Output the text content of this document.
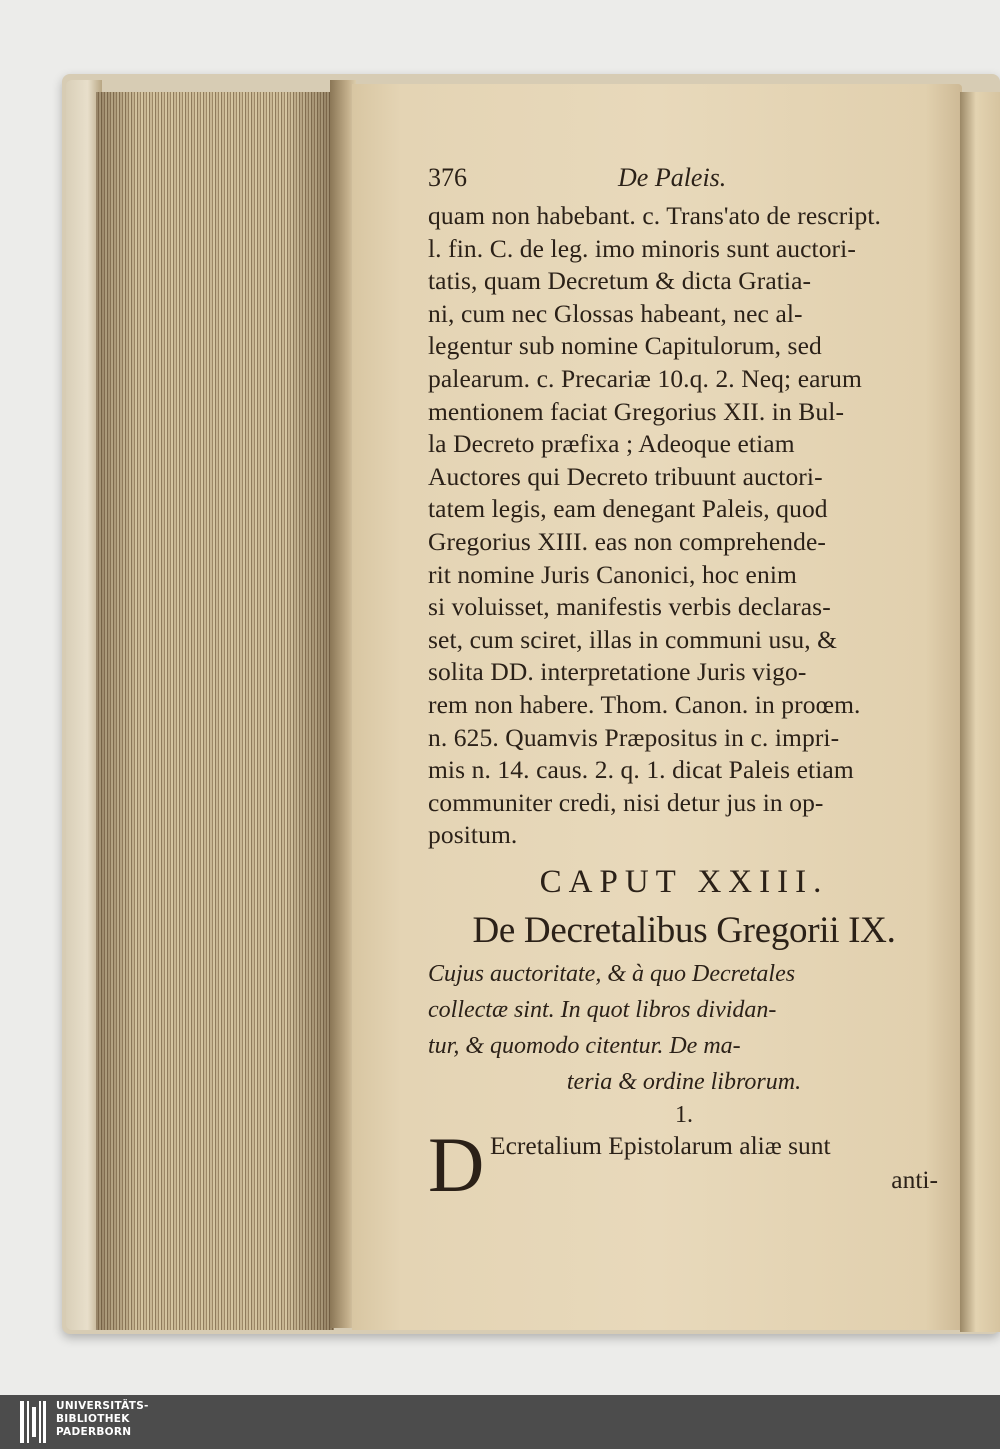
376	De Paleis.
quam non habebant. c. Trans'ato de rescript.
l. fin. C. de leg. imo minoris sunt auctori-
tatis, quam Decretum & dicta Gratia-
ni, cum nec Glossas habeant, nec al-
legentur sub nomine Capitulorum, sed
palearum. c. Precariæ 10.q. 2. Neq; earum
mentionem faciat Gregorius XII. in Bul-
la Decreto præfixa ; Adeoque etiam
Auctores qui Decreto tribuunt auctori-
tatem legis, eam denegant Paleis, quod
Gregorius XIII. eas non comprehende-
rit nomine Juris Canonici, hoc enim
si voluisset, manifestis verbis declaras-
set, cum sciret, illas in communi usu, &
solita DD. interpretatione Juris vigo-
rem non habere. Thom. Canon. in proœm.
n. 625. Quamvis Præpositus in c. impri-
mis n. 14. caus. 2. q. 1. dicat Paleis etiam
communiter credi, nisi detur jus in op-
positum.
CAPUT XXIII.
De Decretalibus Gregorii IX.
Cujus auctoritate, & à quo Decretales
collectæ sint. In quot libros dividan-
tur, & quomodo citentur. De ma-
teria & ordine librorum.
1.
D Ecretalium Epistolarum aliæ sunt
anti-
UNIVERSITÄTS-
BIBLIOTHEK
PADERBORN
